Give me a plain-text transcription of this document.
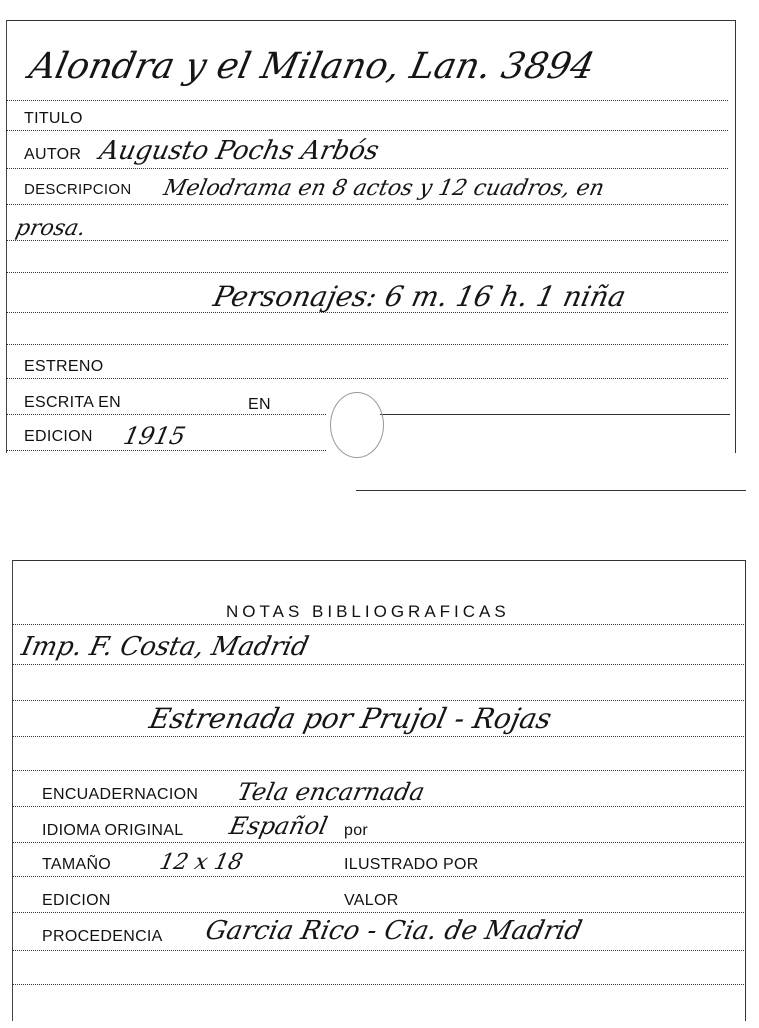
Alondra y el Milano, Lan. 3894
TITULO
AUTOR Augusto Pochs Arbós
DESCRIPCION Melodrama en 8 actos y 12 cuadros, en
prosa.
Personajes: 6 m. 16 h. 1 niña
ESTRENO
ESCRITA EN	EN
EDICION 1915
NOTAS BIBLIOGRAFICAS
Imp. F. Costa, Madrid
Estrenada por Prujol - Rojas
ENCUADERNACION Tela encarnada
IDIOMA ORIGINAL Español por
TAMAÑO 12 x 18	ILUSTRADO POR
EDICION	VALOR
PROCEDENCIA Garcia Rico - Cia. de Madrid
